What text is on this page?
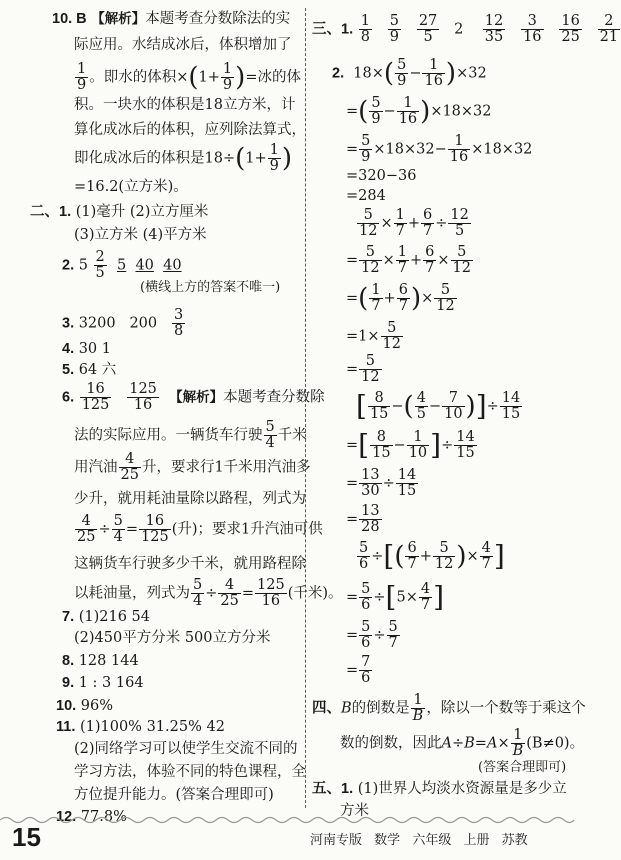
10. B 【解析】本题考查分数除法的实
际应用。水结成冰后，体积增加了
$\frac{1}{9}$ 。即水的体积$\times(1+ \frac{1}{9}$ )=冰的体
积。一块水的体积是18立方米，计
算化成冰后的体积，应列除法算式，
即化成冰后的体积是$18\div(1+ \frac{1}{9}$ )
=16.2(立方米)。
二、1. (1)毫升 (2)立方厘米
(3)立方米 (4)平方米
2. $5 \frac{2}{5} 5$ 40 40
(横线上方的答案不唯一)
3. 3200 $200 \frac{3}{8}$
4. 30 1
5. 64 六
6. $\frac{16}{125}$
$\frac{125}{16}$ 【解析】本题考查分数除
法的实际应用。一辆货车行驶 $\frac{5}{4}$ 千米
用汽油 $\frac{4}{25}$ 升，要求行1千米用汽油多
少升，就用耗油量除以路程，列式为
$\frac{4}{25} \div \frac{5}{4} = \frac{16}{125}$ (升)；要求1升汽油可供
这辆货车行驶多少千米，就用路程除
以耗油量，列式为 $\frac{5}{4} \div \frac{4}{25} = \frac{125}{16}$ (千米)。
7. (1)216 54
(2)450平方分米 500立方分米
8. 128 144
9. 1 : 3 164
10. 96%
11. (1)100% 31.25% 42
(2)同络学习可以使学生交流不同的
学习方法，体验不同的特色课程，全
方位提升能力。(答案合理即可)
12. 77.8%
三、1. $\frac{1}{8}$
$\frac{5}{9}$
$\frac{27}{5} 2 \frac{12}{35}$
$\frac{3}{16}$
$\frac{16}{25}$
$\frac{2}{21}$
2.  $18\times( \frac{5}{9} - \frac{1}{16} )\times 32$
=( $\frac{5}{9} - \frac{1}{16} )\times 18\times 32$
= $\frac{5}{9} \times 18\times 32- \frac{1}{16} \times 18\times 32$
=320−36
=284
$\frac{5}{12} \times \frac{1}{7} + \frac{6}{7} \div \frac{12}{5}$
= $\frac{5}{12} \times \frac{1}{7} + \frac{6}{7} \times \frac{5}{12}$
=( $\frac{1}{7} + \frac{6}{7}$ )× $\frac{5}{12}$
$=1\times \frac{5}{12}$
= $\frac{5}{12}$
[ $\frac{8}{15}$ −( $\frac{4}{5} - \frac{7}{10}$ )]÷ $\frac{14}{15}$
=[ $\frac{8}{15} - \frac{1}{10}$ ]÷ $\frac{14}{15}$
= $\frac{13}{30} \div \frac{14}{15}$
= $\frac{13}{28}$
$\frac{5}{6}$ ÷[( $\frac{6}{7} + \frac{5}{12}$ )× $\frac{4}{7}$ ]
= $\frac{5}{6} \div[5\times \frac{4}{7}$ ]
= $\frac{5}{6} \div \frac{5}{7}$
= $\frac{7}{6}$
四、B的倒数是 $\frac{1}{B}$ ，除以一个数等于乘这个
数的倒数，因此$A\div B=A\times \frac{1}{B} (B\ne 0)$。
(答案合理即可)
五、1. (1)世界人均淡水资源量是多少立
方米
15	河南专版 数学 六年级 上册 苏教
